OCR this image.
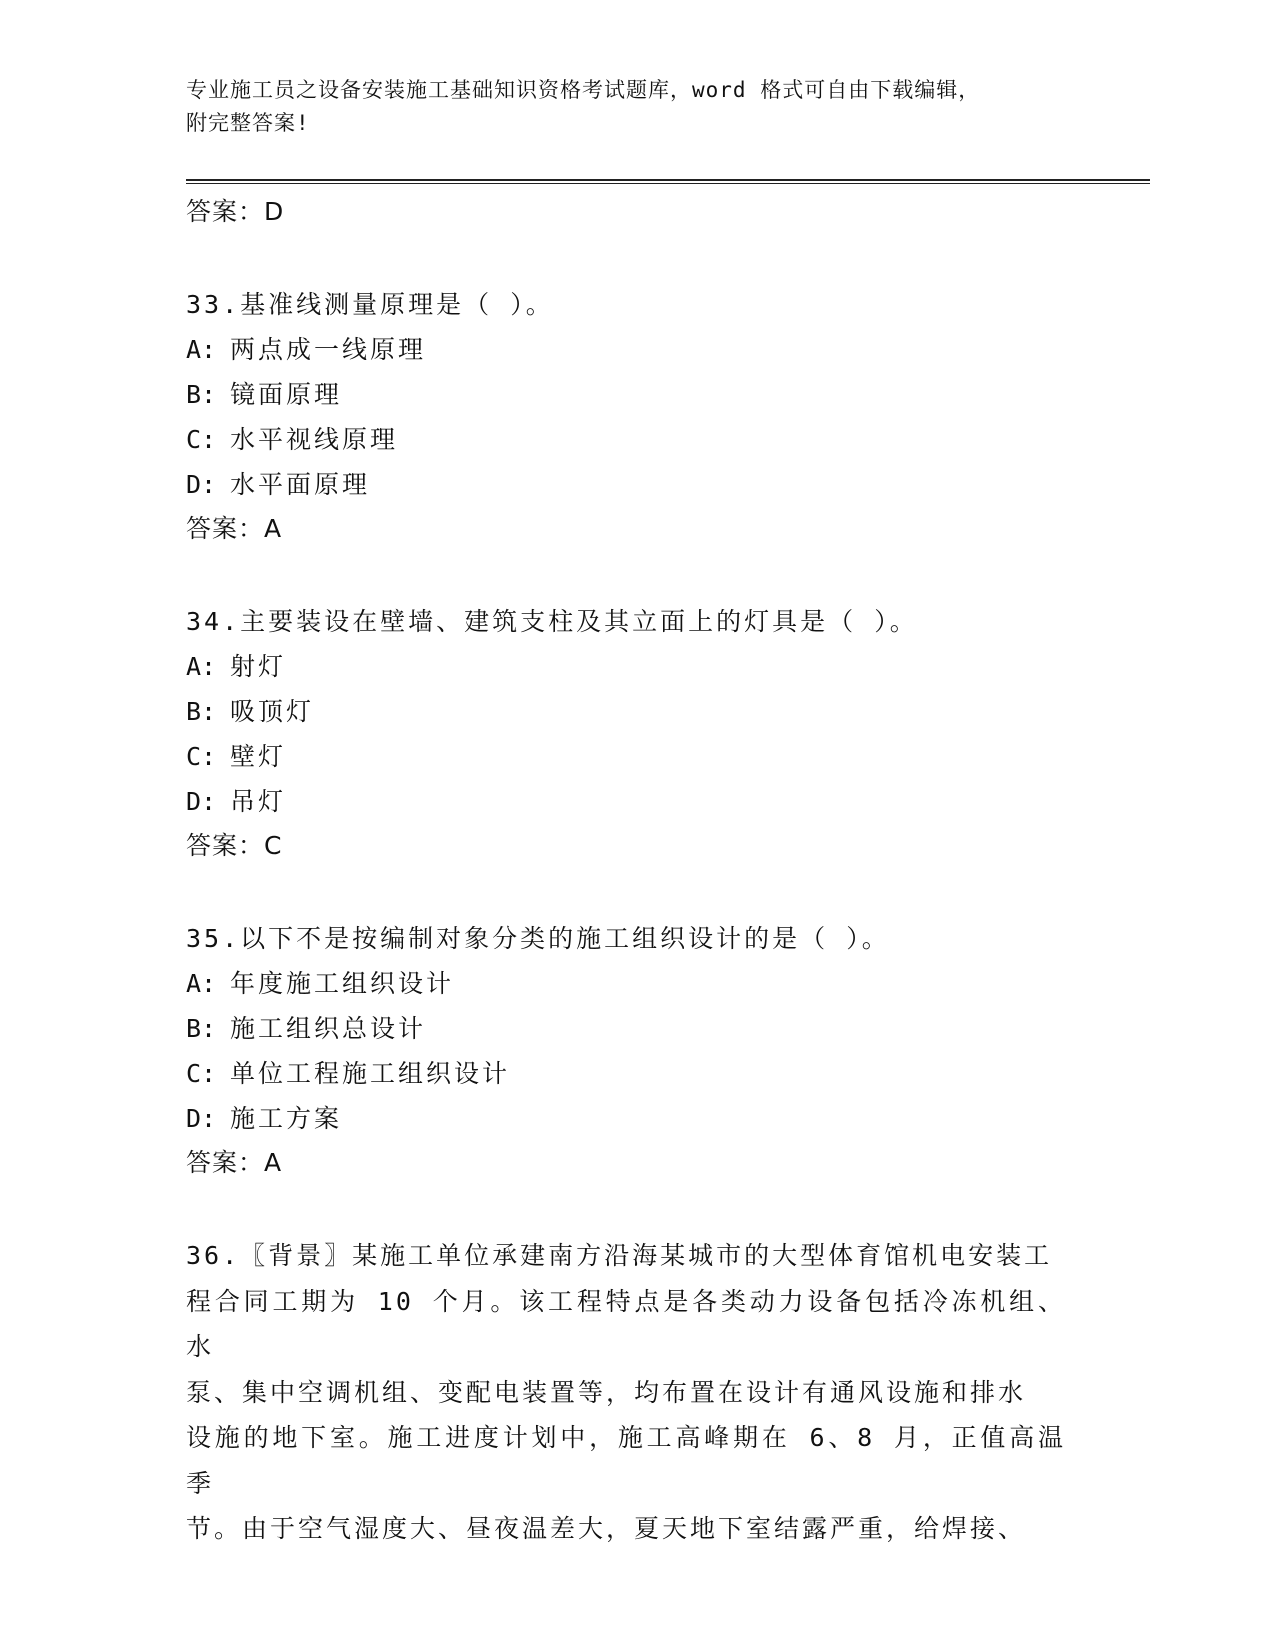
专业施工员之设备安装施工基础知识资格考试题库，word 格式可自由下载编辑，
附完整答案!
答案：D
33.基准线测量原理是（ ）。
A: 两点成一线原理
B: 镜面原理
C: 水平视线原理
D: 水平面原理
答案：A
34.主要装设在壁墙、建筑支柱及其立面上的灯具是（ ）。
A: 射灯
B: 吸顶灯
C: 壁灯
D: 吊灯
答案：C
35.以下不是按编制对象分类的施工组织设计的是（ ）。
A: 年度施工组织设计
B: 施工组织总设计
C: 单位工程施工组织设计
D: 施工方案
答案：A
36.〖背景〗某施工单位承建南方沿海某城市的大型体育馆机电安装工
程合同工期为 10 个月。该工程特点是各类动力设备包括冷冻机组、水
泵、集中空调机组、变配电装置等，均布置在设计有通风设施和排水
设施的地下室。施工进度计划中，施工高峰期在 6、8 月，正值高温季
节。由于空气湿度大、昼夜温差大，夏天地下室结露严重，给焊接、
